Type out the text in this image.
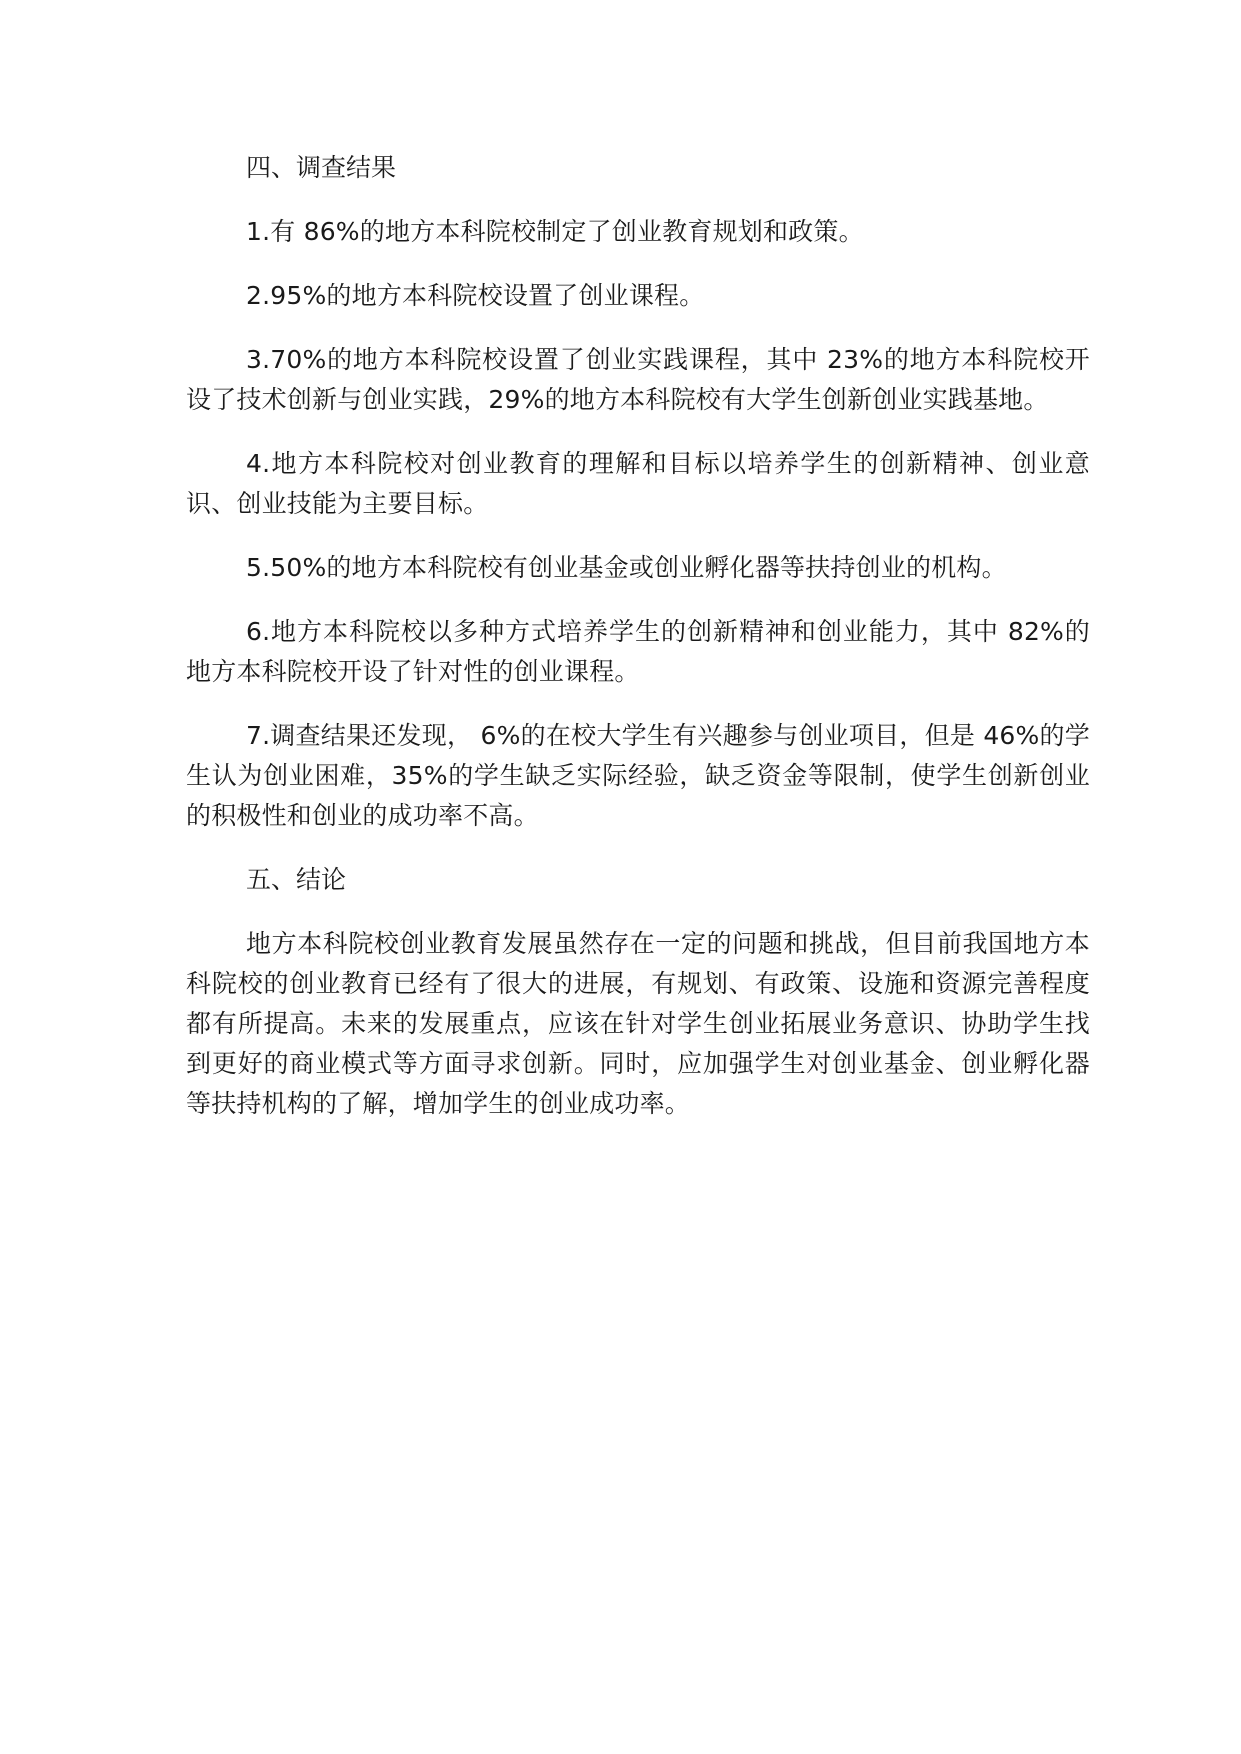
四、调查结果

1.有 86%的地方本科院校制定了创业教育规划和政策。

2.95%的地方本科院校设置了创业课程。

3.70%的地方本科院校设置了创业实践课程，其中 23%的地方本科院校开设了技术创新与创业实践，29%的地方本科院校有大学生创新创业实践基地。

4.地方本科院校对创业教育的理解和目标以培养学生的创新精神、创业意识、创业技能为主要目标。

5.50%的地方本科院校有创业基金或创业孵化器等扶持创业的机构。

6.地方本科院校以多种方式培养学生的创新精神和创业能力，其中 82%的地方本科院校开设了针对性的创业课程。

7.调查结果还发现， 6%的在校大学生有兴趣参与创业项目，但是 46%的学生认为创业困难，35%的学生缺乏实际经验，缺乏资金等限制，使学生创新创业的积极性和创业的成功率不高。

五、结论

地方本科院校创业教育发展虽然存在一定的问题和挑战，但目前我国地方本科院校的创业教育已经有了很大的进展，有规划、有政策、设施和资源完善程度都有所提高。未来的发展重点，应该在针对学生创业拓展业务意识、协助学生找到更好的商业模式等方面寻求创新。同时，应加强学生对创业基金、创业孵化器等扶持机构的了解，增加学生的创业成功率。
